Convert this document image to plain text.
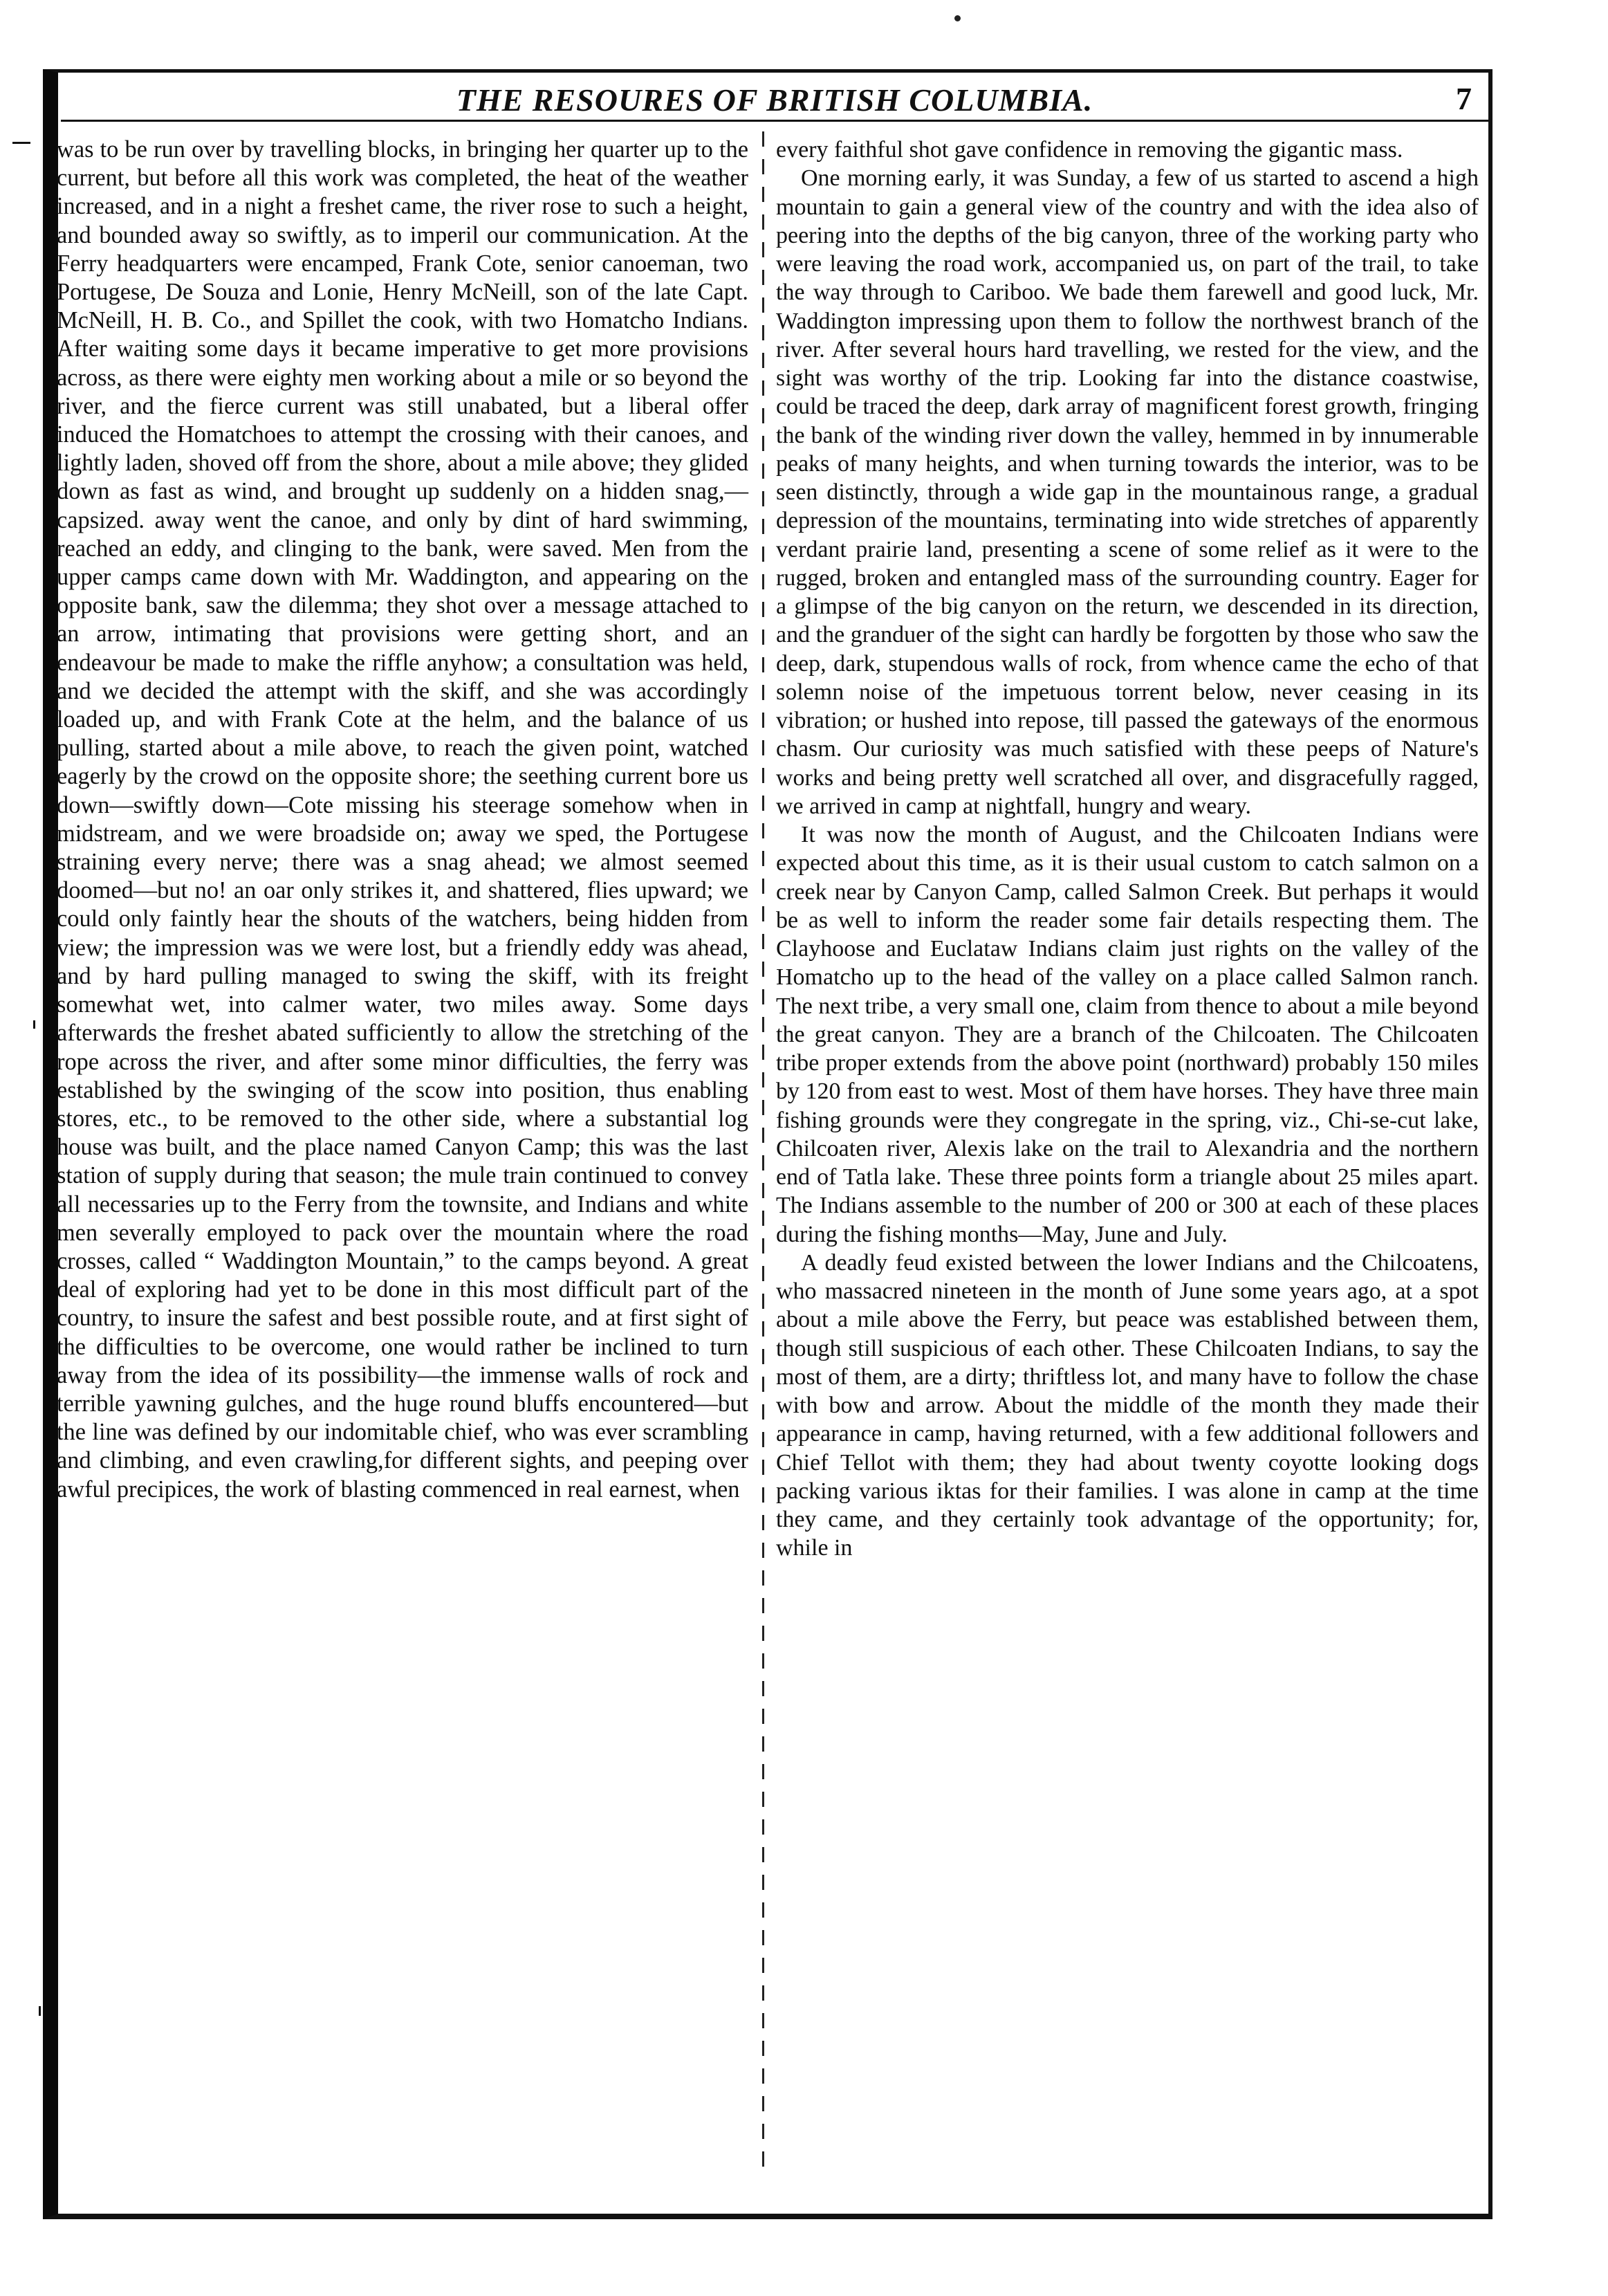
THE RESOURES OF BRITISH COLUMBIA.	7

was to be run over by travelling blocks, in bringing her quarter up to the current, but before all this work was completed, the heat of the weather increased, and in a night a freshet came, the river rose to such a height, and bounded away so swiftly, as to imperil our communication. At the Ferry headquarters were encamped, Frank Cote, senior canoeman, two Portugese, De Souza and Lonie, Henry McNeill, son of the late Capt. McNeill, H. B. Co., and Spillet the cook, with two Homatcho Indians. After waiting some days it became imperative to get more provisions across, as there were eighty men working about a mile or so beyond the river, and the fierce current was still unabated, but a liberal offer induced the Homatchoes to attempt the crossing with their canoes, and lightly laden, shoved off from the shore, about a mile above; they glided down as fast as wind, and brought up suddenly on a hidden snag,—capsized. away went the canoe, and only by dint of hard swimming, reached an eddy, and clinging to the bank, were saved. Men from the upper camps came down with Mr. Waddington, and appearing on the opposite bank, saw the dilemma; they shot over a message attached to an arrow, intimating that provisions were getting short, and an endeavour be made to make the riffle anyhow; a consultation was held, and we decided the attempt with the skiff, and she was accordingly loaded up, and with Frank Cote at the helm, and the balance of us pulling, started about a mile above, to reach the given point, watched eagerly by the crowd on the opposite shore; the seething current bore us down—swiftly down—Cote missing his steerage somehow when in midstream, and we were broadside on; away we sped, the Portugese straining every nerve; there was a snag ahead; we almost seemed doomed—but no! an oar only strikes it, and shattered, flies upward; we could only faintly hear the shouts of the watchers, being hidden from view; the impression was we were lost, but a friendly eddy was ahead, and by hard pulling managed to swing the skiff, with its freight somewhat wet, into calmer water, two miles away. Some days afterwards the freshet abated sufficiently to allow the stretching of the rope across the river, and after some minor difficulties, the ferry was established by the swinging of the scow into position, thus enabling stores, etc., to be removed to the other side, where a substantial log house was built, and the place named Canyon Camp; this was the last station of supply during that season; the mule train continued to convey all necessaries up to the Ferry from the townsite, and Indians and white men severally employed to pack over the mountain where the road crosses, called “ Waddington Mountain,” to the camps beyond. A great deal of exploring had yet to be done in this most difficult part of the country, to insure the safest and best possible route, and at first sight of the difficulties to be overcome, one would rather be inclined to turn away from the idea of its possibility—the immense walls of rock and terrible yawning gulches, and the huge round bluffs encountered—but the line was defined by our indomitable chief, who was ever scrambling and climbing, and even crawling,for different sights, and peeping over awful precipices, the work of blasting commenced in real earnest, when

every faithful shot gave confidence in removing the gigantic mass.

One morning early, it was Sunday, a few of us started to ascend a high mountain to gain a general view of the country and with the idea also of peering into the depths of the big canyon, three of the working party who were leaving the road work, accompanied us, on part of the trail, to take the way through to Cariboo. We bade them farewell and good luck, Mr. Waddington impressing upon them to follow the northwest branch of the river. After several hours hard travelling, we rested for the view, and the sight was worthy of the trip. Looking far into the distance coastwise, could be traced the deep, dark array of magnificent forest growth, fringing the bank of the winding river down the valley, hemmed in by innumerable peaks of many heights, and when turning towards the interior, was to be seen distinctly, through a wide gap in the mountainous range, a gradual depression of the mountains, terminating into wide stretches of apparently verdant prairie land, presenting a scene of some relief as it were to the rugged, broken and entangled mass of the surrounding country. Eager for a glimpse of the big canyon on the return, we descended in its direction, and the granduer of the sight can hardly be forgotten by those who saw the deep, dark, stupendous walls of rock, from whence came the echo of that solemn noise of the impetuous torrent below, never ceasing in its vibration; or hushed into repose, till passed the gateways of the enormous chasm. Our curiosity was much satisfied with these peeps of Nature's works and being pretty well scratched all over, and disgracefully ragged, we arrived in camp at nightfall, hungry and weary.

It was now the month of August, and the Chilcoaten Indians were expected about this time, as it is their usual custom to catch salmon on a creek near by Canyon Camp, called Salmon Creek. But perhaps it would be as well to inform the reader some fair details respecting them. The Clayhoose and Euclataw Indians claim just rights on the valley of the Homatcho up to the head of the valley on a place called Salmon ranch. The next tribe, a very small one, claim from thence to about a mile beyond the great canyon. They are a branch of the Chilcoaten. The Chilcoaten tribe proper extends from the above point (northward) probably 150 miles by 120 from east to west. Most of them have horses. They have three main fishing grounds were they congregate in the spring, viz., Chi-se-cut lake, Chilcoaten river, Alexis lake on the trail to Alexandria and the northern end of Tatla lake. These three points form a triangle about 25 miles apart. The Indians assemble to the number of 200 or 300 at each of these places during the fishing months—May, June and July.

A deadly feud existed between the lower Indians and the Chilcoatens, who massacred nineteen in the month of June some years ago, at a spot about a mile above the Ferry, but peace was established between them, though still suspicious of each other. These Chilcoaten Indians, to say the most of them, are a dirty; thriftless lot, and many have to follow the chase with bow and arrow. About the middle of the month they made their appearance in camp, having returned, with a few additional followers and Chief Tellot with them; they had about twenty coyotte looking dogs packing various iktas for their families. I was alone in camp at the time they came, and they certainly took advantage of the opportunity; for, while in
